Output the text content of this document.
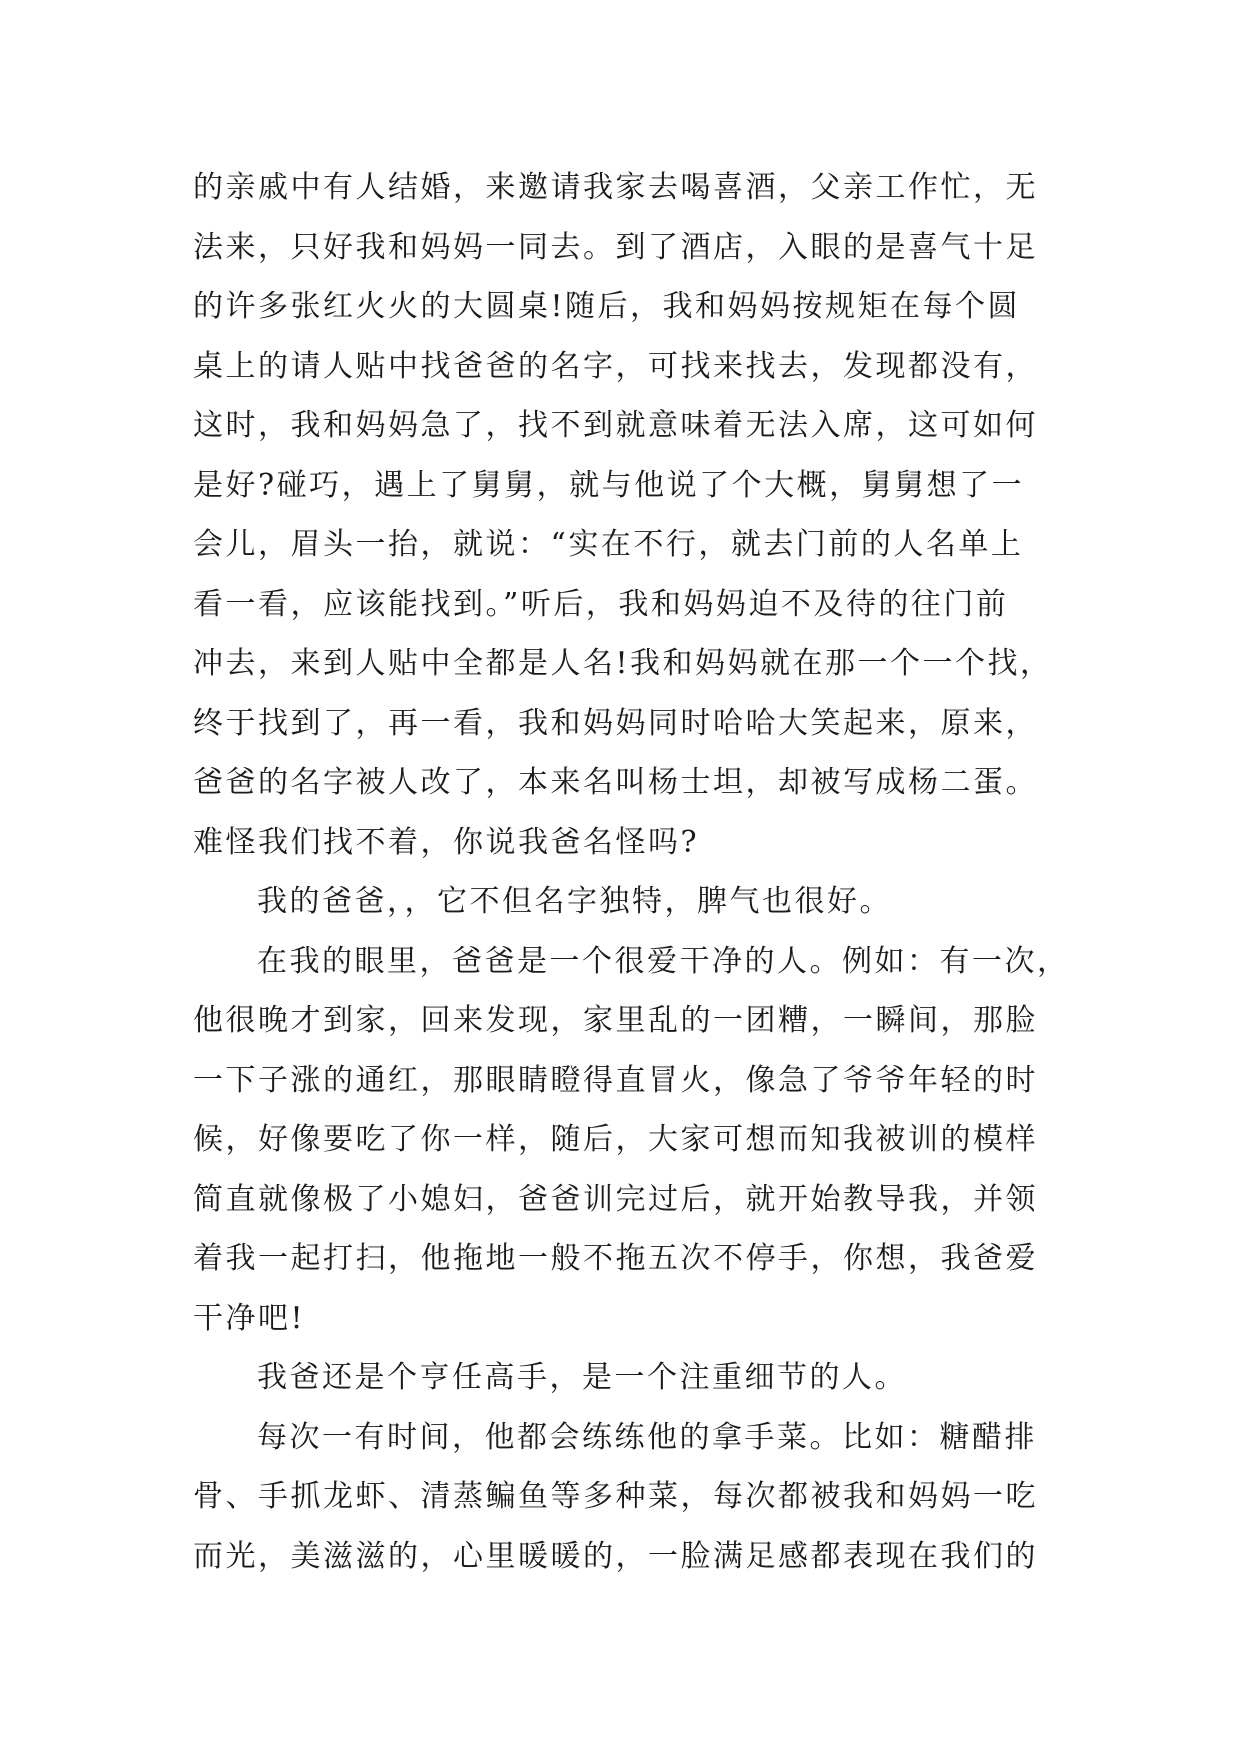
的亲戚中有人结婚，来邀请我家去喝喜酒，父亲工作忙，无
法来，只好我和妈妈一同去。到了酒店，入眼的是喜气十足
的许多张红火火的大圆桌!随后，我和妈妈按规矩在每个圆
桌上的请人贴中找爸爸的名字，可找来找去，发现都没有，
这时，我和妈妈急了，找不到就意味着无法入席，这可如何
是好?碰巧，遇上了舅舅，就与他说了个大概，舅舅想了一
会儿，眉头一抬，就说：“实在不行，就去门前的人名单上
看一看，应该能找到。”听后，我和妈妈迫不及待的往门前
冲去，来到人贴中全都是人名!我和妈妈就在那一个一个找，
终于找到了，再一看，我和妈妈同时哈哈大笑起来，原来，
爸爸的名字被人改了，本来名叫杨士坦，却被写成杨二蛋。
难怪我们找不着，你说我爸名怪吗?
我的爸爸，，它不但名字独特，脾气也很好。
在我的眼里，爸爸是一个很爱干净的人。例如：有一次，
他很晚才到家，回来发现，家里乱的一团糟，一瞬间，那脸
一下子涨的通红，那眼睛瞪得直冒火，像急了爷爷年轻的时
候，好像要吃了你一样，随后，大家可想而知我被训的模样
简直就像极了小媳妇，爸爸训完过后，就开始教导我，并领
着我一起打扫，他拖地一般不拖五次不停手，你想，我爸爱
干净吧!
我爸还是个亨任高手，是一个注重细节的人。
每次一有时间，他都会练练他的拿手菜。比如：糖醋排
骨、手抓龙虾、清蒸鳊鱼等多种菜，每次都被我和妈妈一吃
而光，美滋滋的，心里暖暖的，一脸满足感都表现在我们的
